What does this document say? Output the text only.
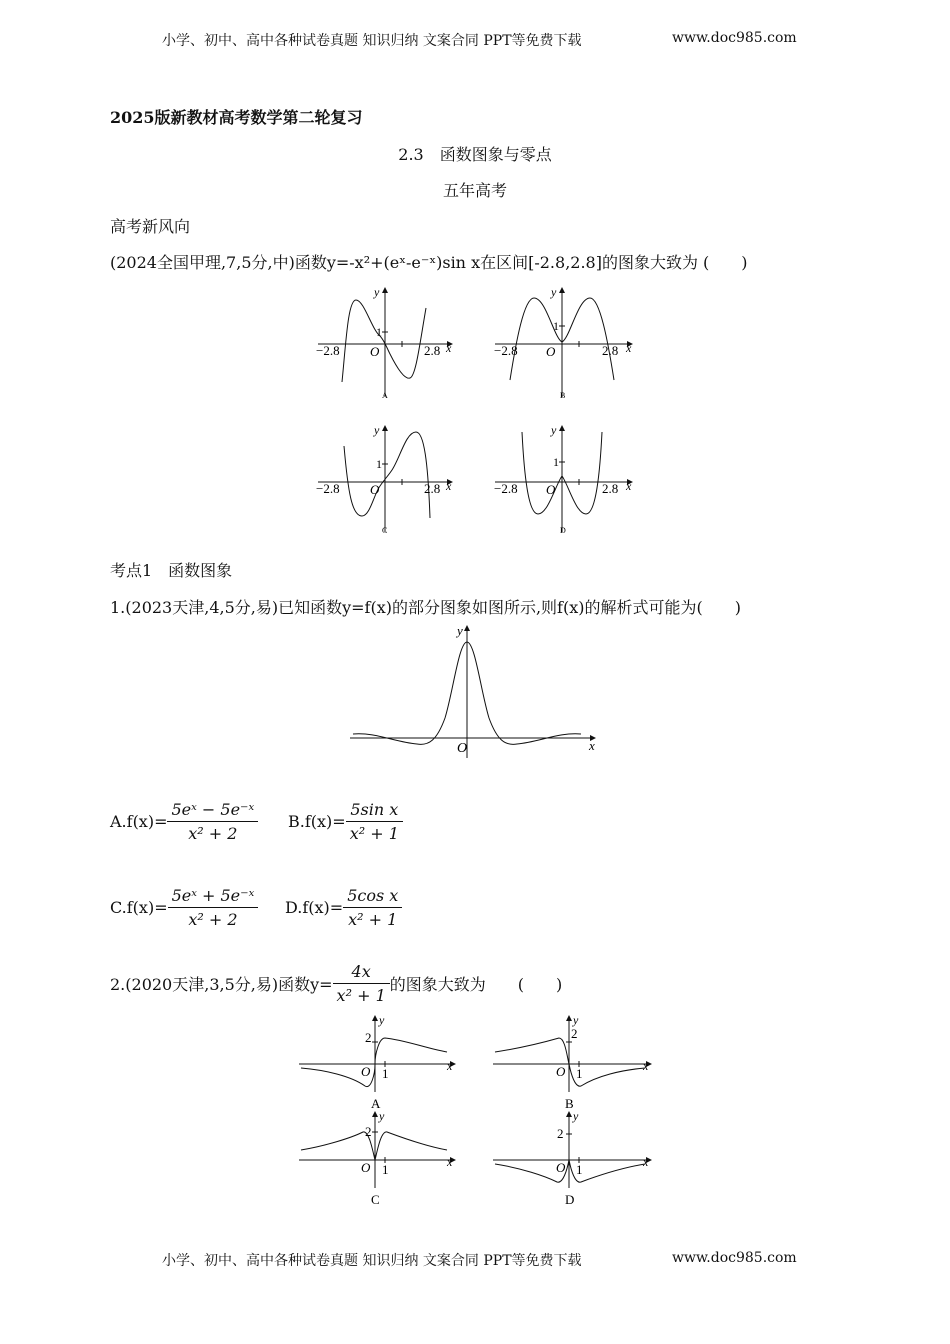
小学、初中、高中各种试卷真题 知识归纳 文案合同 PPT等免费下载	www.doc985.com
2025版新教材高考数学第二轮复习
2.3　函数图象与零点
五年高考
高考新风向
(2024全国甲理,7,5分,中)函数y=-x²+(eˣ-e⁻ˣ)sin x在区间[-2.8,2.8]的图象大致为 (　　)
−2.8	2.8
1
O	x
y
A
−2.8	2.8
1
O	x
y
B
−2.8	2.8
1
O	x
y
C
−2.8	2.8
1
O	x
y
D
考点1　函数图象
1.(2023天津,4,5分,易)已知函数y=f(x)的部分图象如图所示,则f(x)的解析式可能为(　　)
O	x
y
$A.f(x)= \frac{\text{5eˣ − 5e⁻ˣ}}{\text{x² + 2}} B.f(x)= \frac{\text{5sin x}}{\text{x² + 1}}$
$C.f(x)= \frac{\text{5eˣ + 5e⁻ˣ}}{\text{x² + 2}} D.f(x)= \frac{\text{5cos x}}{\text{x² + 1}}$
2.(2020天津,3,5分,易)函数$y= \frac{4x}{\text{x² + 1}}$ 的图象大致为　　(　　)
2
1
O	x
y
A
2
1
O	x
y
B
2
1
O	x
y
C
2
1
O	x
y
D
小学、初中、高中各种试卷真题 知识归纳 文案合同 PPT等免费下载	www.doc985.com
